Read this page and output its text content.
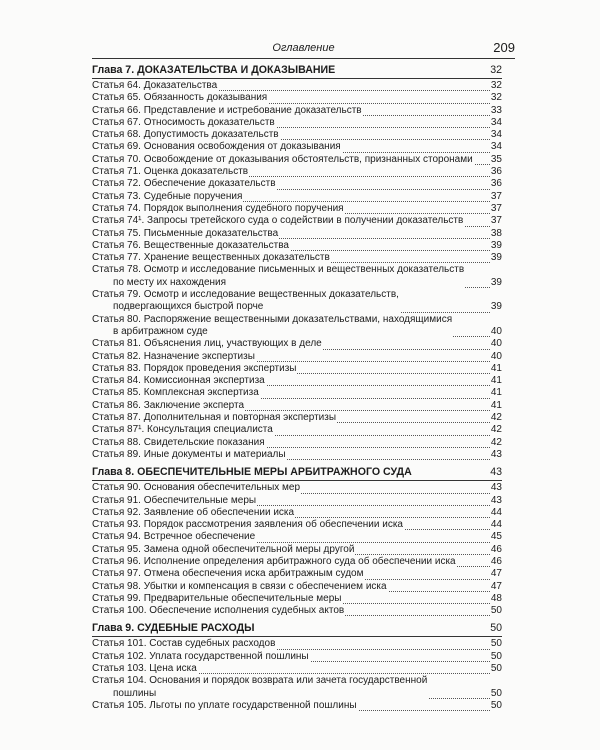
Оглавление	209
Глава 7. ДОКАЗАТЕЛЬСТВА И ДОКАЗЫВАНИЕ	32
Статья 64. Доказательства	32
Статья 65. Обязанность доказывания	32
Статья 66. Представление и истребование доказательств	33
Статья 67. Относимость доказательств	34
Статья 68. Допустимость доказательств	34
Статья 69. Основания освобождения от доказывания	34
Статья 70. Освобождение от доказывания обстоятельств, признанных сторонами 35
Статья 71. Оценка доказательств	36
Статья 72. Обеспечение доказательств	36
Статья 73. Судебные поручения	37
Статья 74. Порядок выполнения судебного поручения	37
Статья 74¹. Запросы третейского суда о содействии в получении доказательств	37
Статья 75. Письменные доказательства	38
Статья 76. Вещественные доказательства	39
Статья 77. Хранение вещественных доказательств	39
Статья 78. Осмотр и исследование письменных и вещественных доказательств

по месту их нахождения	39
Статья 79. Осмотр и исследование вещественных доказательств,

подвергающихся быстрой порче	39
Статья 80. Распоряжение вещественными доказательствами, находящимися

в арбитражном суде	40
Статья 81. Объяснения лиц, участвующих в деле	40
Статья 82. Назначение экспертизы	40
Статья 83. Порядок проведения экспертизы	41
Статья 84. Комиссионная экспертиза	41
Статья 85. Комплексная экспертиза	41
Статья 86. Заключение эксперта	41
Статья 87. Дополнительная и повторная экспертизы	42
Статья 87¹. Консультация специалиста	42
Статья 88. Свидетельские показания	42
Статья 89. Иные документы и материалы	43
Глава 8. ОБЕСПЕЧИТЕЛЬНЫЕ МЕРЫ АРБИТРАЖНОГО СУДА	43
Статья 90. Основания обеспечительных мер	43
Статья 91. Обеспечительные меры	43
Статья 92. Заявление об обеспечении иска	44
Статья 93. Порядок рассмотрения заявления об обеспечении иска	44
Статья 94. Встречное обеспечение	45
Статья 95. Замена одной обеспечительной меры другой	46
Статья 96. Исполнение определения арбитражного суда об обеспечении иска	46
Статья 97. Отмена обеспечения иска арбитражным судом	47
Статья 98. Убытки и компенсация в связи с обеспечением иска	47
Статья 99. Предварительные обеспечительные меры	48
Статья 100. Обеспечение исполнения судебных актов	50
Глава 9. СУДЕБНЫЕ РАСХОДЫ	50
Статья 101. Состав судебных расходов	50
Статья 102. Уплата государственной пошлины	50
Статья 103. Цена иска	50
Статья 104. Основания и порядок возврата или зачета государственной

пошлины	50
Статья 105. Льготы по уплате государственной пошлины	50
